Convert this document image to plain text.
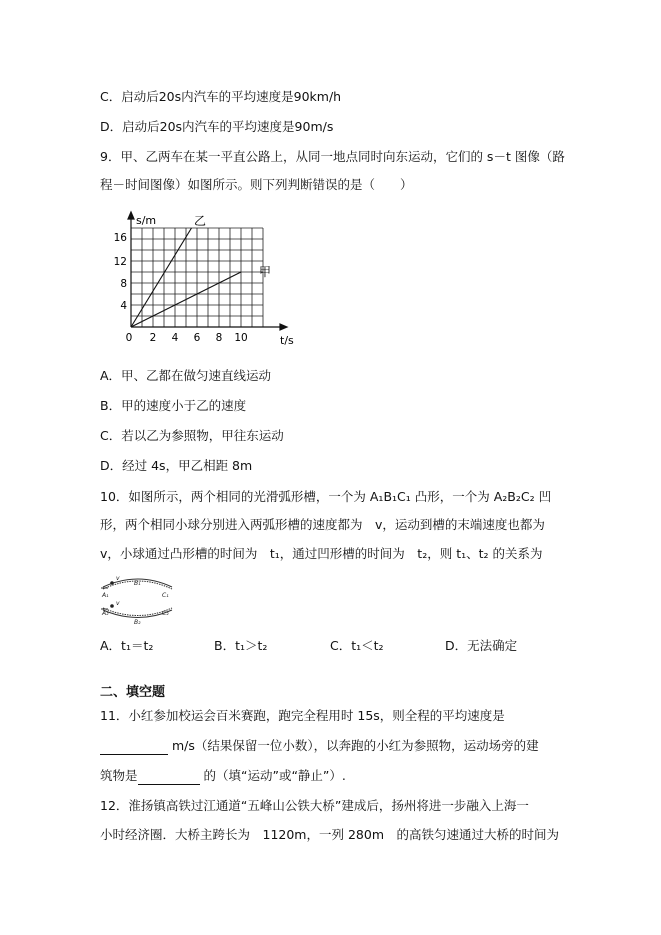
C．启动后20s内汽车的平均速度是90km/h
D．启动后20s内汽车的平均速度是90m/s
9．甲、乙两车在某一平直公路上，从同一地点同时向东运动，它们的 s－t 图像（路
程－时间图像）如图所示。则下列判断错误的是（　　）
s/m
t/s
16
12
8
4
0 2 4 6 8 10
乙
甲
A．甲、乙都在做匀速直线运动
B．甲的速度小于乙的速度
C．若以乙为参照物，甲往东运动
D．经过 4s，甲乙相距 8m
10．如图所示，两个相同的光滑弧形槽，一个为 A₁B₁C₁ 凸形，一个为 A₂B₂C₂ 凹
形，两个相同小球分别进入两弧形槽的速度都为　v，运动到槽的末端速度也都为
v，小球通过凸形槽的时间为　t₁，通过凹形槽的时间为　t₂，则 t₁、t₂ 的关系为
v
A₁
B₁
C₁
A₂
v
B₂
C₂
A．t₁＝t₂	B．t₁＞t₂	C．t₁＜t₂	D．无法确定
二、填空题
11．小红参加校运会百米赛跑，跑完全程用时 15s，则全程的平均速度是
m/s（结果保留一位小数），以奔跑的小红为参照物，运动场旁的建
筑物是	的（填“运动”或“静止”）.
12．淮扬镇高铁过江通道“五峰山公铁大桥”建成后，扬州将进一步融入上海一
小时经济圈．大桥主跨长为　1120m，一列 280m　的高铁匀速通过大桥的时间为
